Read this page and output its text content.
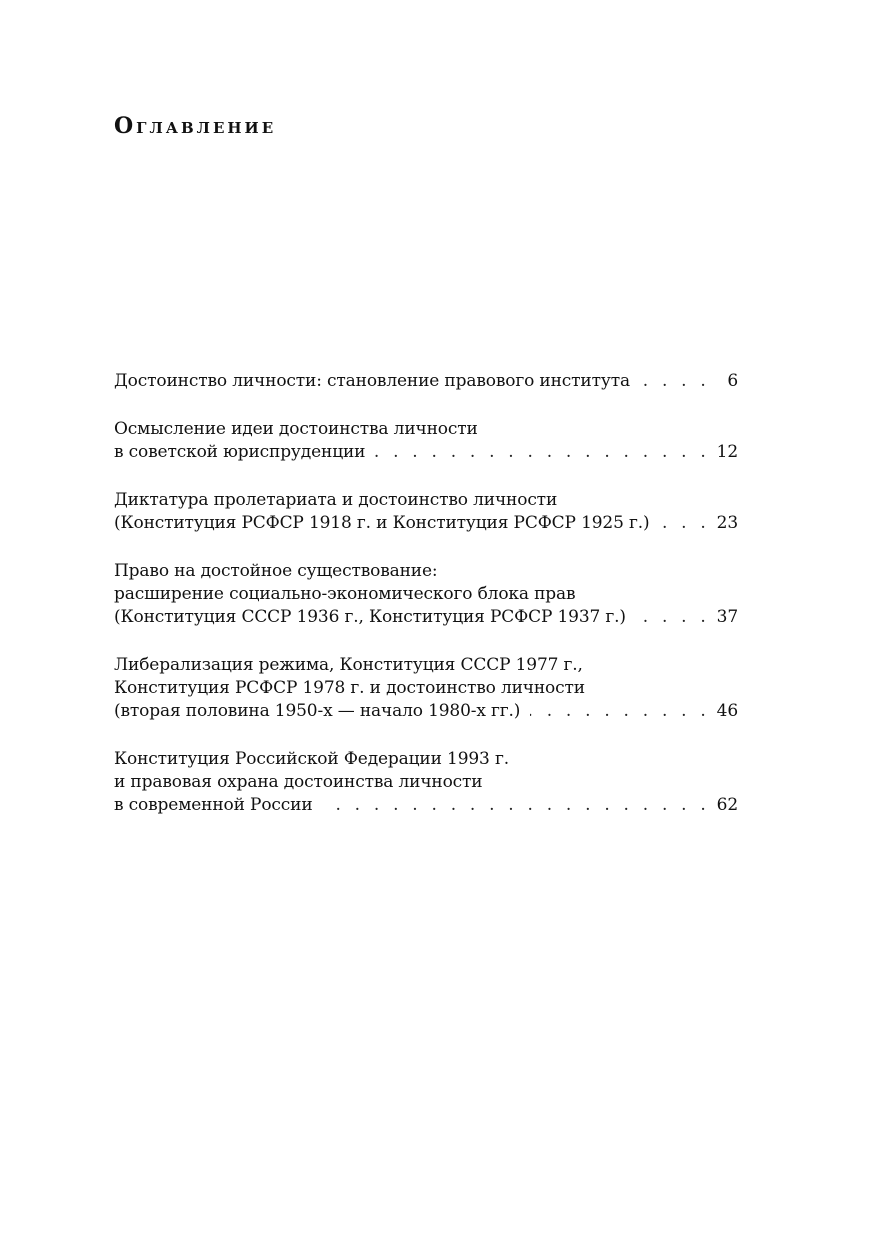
Оглавление
Достоинство личности: становление правового института . . .	6
Осмысление идеи достоинства личности
в советской юриспруденции . . .	12
Диктатура пролетариата и достоинство личности
(Конституция РСФСР 1918 г. и Конституция РСФСР 1925 г.) . . .	23
Право на достойное существование:
расширение социально-экономического блока прав
(Конституция СССР 1936 г., Конституция РСФСР 1937 г.) . . .	37
Либерализация режима, Конституция СССР 1977 г.,
Конституция РСФСР 1978 г. и достоинство личности
(вторая половина 1950-х — начало 1980-х гг.) . . .	46
Конституция Российской Федерации 1993 г.
и правовая охрана достоинства личности
в современной России . . .	62
